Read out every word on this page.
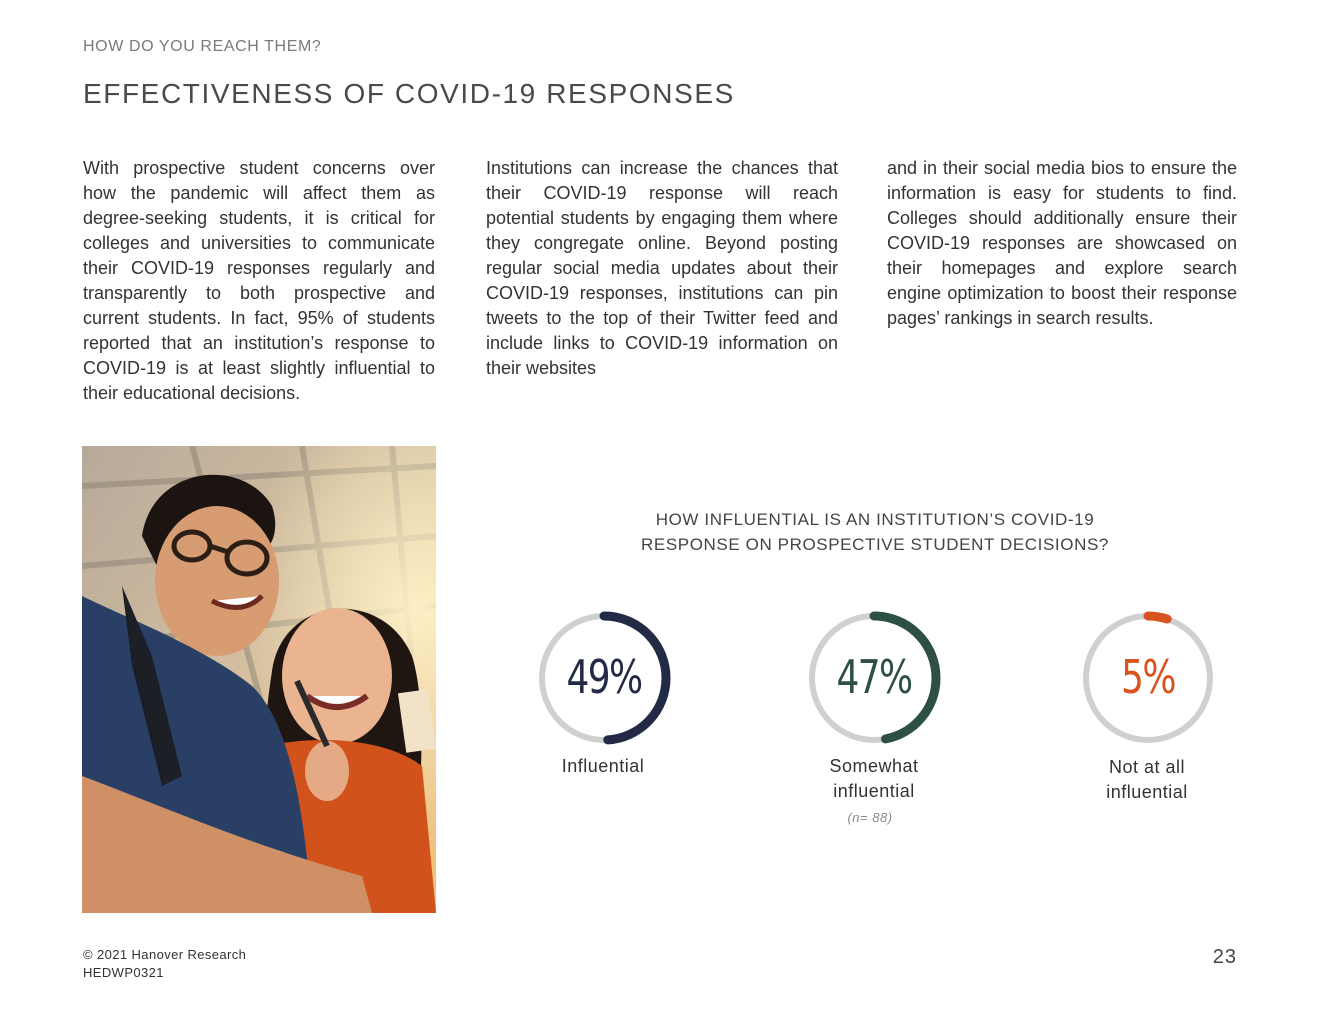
HOW DO YOU REACH THEM?
EFFECTIVENESS OF COVID-19 RESPONSES
With prospective student concerns over how the pandemic will affect them as degree-seeking students, it is critical for colleges and universities to communicate their COVID-19 responses regularly and transparently to both prospective and current students. In fact, 95% of students reported that an institution’s response to COVID-19 is at least slightly influential to their educational decisions.
Institutions can increase the chances that their COVID-19 response will reach potential students by engaging them where they congregate online. Beyond posting regular social media updates about their COVID-19 responses, institutions can pin tweets to the top of their Twitter feed and include links to COVID-19 information on their websites
and in their social media bios to ensure the information is easy for students to find. Colleges should additionally ensure their COVID-19 responses are showcased on their homepages and explore search engine optimization to boost their response pages’ rankings in search results.
HOW INFLUENTIAL IS AN INSTITUTION’S COVID-19
RESPONSE ON PROSPECTIVE STUDENT DECISIONS?
49%
Influential
47%
Somewhat
influential
5%
Not at all
influential
(n= 88)
© 2021 Hanover Research
HEDWP0321
23
